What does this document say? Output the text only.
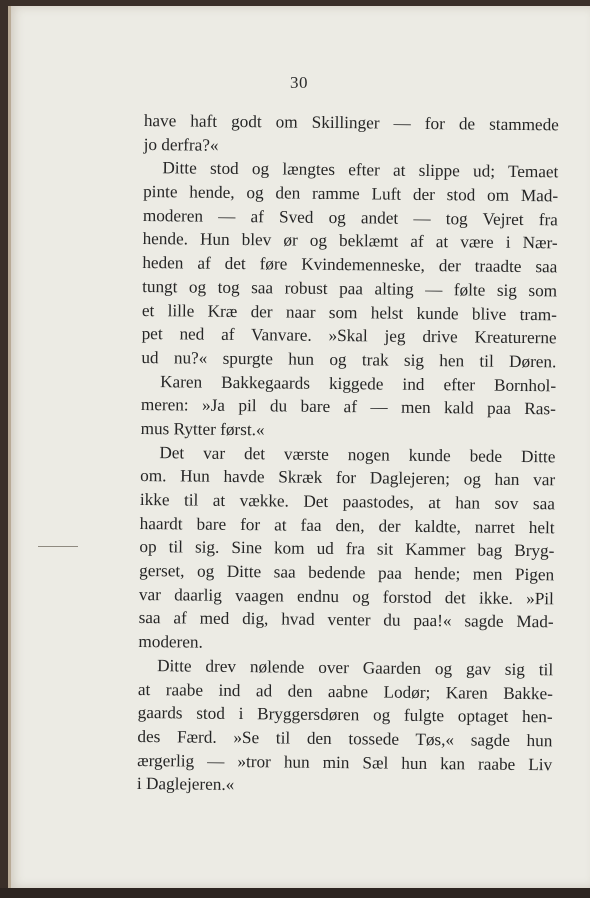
30
have haft godt om Skillinger — for de stammede
jo derfra?«
Ditte stod og længtes efter at slippe ud; Temaet
pinte hende, og den ramme Luft der stod om Mad-
moderen — af Sved og andet — tog Vejret fra
hende. Hun blev ør og beklæmt af at være i Nær-
heden af det føre Kvindemenneske, der traadte saa
tungt og tog saa robust paa alting — følte sig som
et lille Kræ der naar som helst kunde blive tram-
pet ned af Vanvare. »Skal jeg drive Kreaturerne
ud nu?« spurgte hun og trak sig hen til Døren.
Karen Bakkegaards kiggede ind efter Bornhol-
meren: »Ja pil du bare af — men kald paa Ras-
mus Rytter først.«
Det var det værste nogen kunde bede Ditte
om. Hun havde Skræk for Daglejeren; og han var
ikke til at vække. Det paastodes, at han sov saa
haardt bare for at faa den, der kaldte, narret helt
op til sig. Sine kom ud fra sit Kammer bag Bryg-
gerset, og Ditte saa bedende paa hende; men Pigen
var daarlig vaagen endnu og forstod det ikke. »Pil
saa af med dig, hvad venter du paa!« sagde Mad-
moderen.
Ditte drev nølende over Gaarden og gav sig til
at raabe ind ad den aabne Lodør; Karen Bakke-
gaards stod i Bryggersdøren og fulgte optaget hen-
des Færd. »Se til den tossede Tøs,« sagde hun
ærgerlig — »tror hun min Sæl hun kan raabe Liv
i Daglejeren.«
